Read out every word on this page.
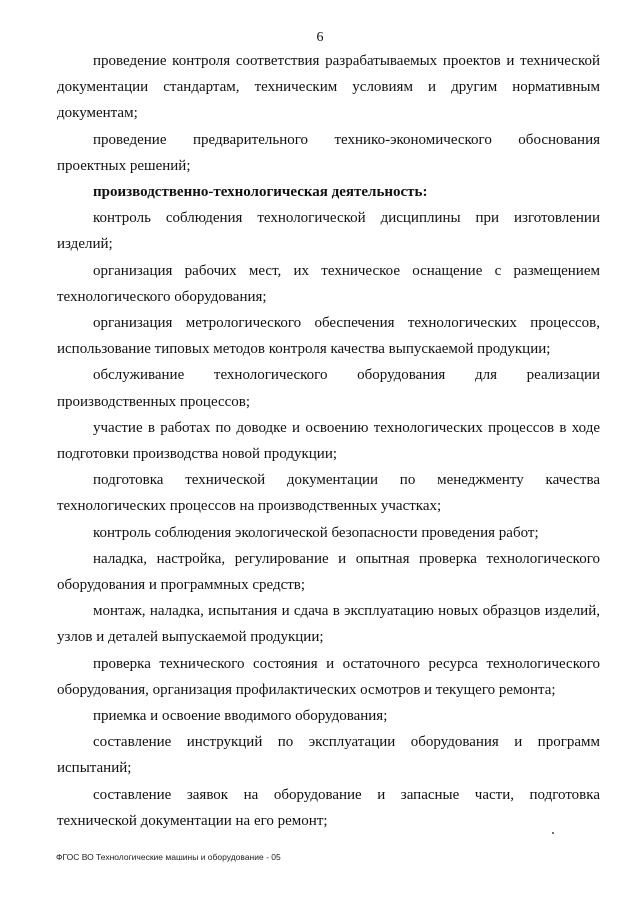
6

проведение контроля соответствия разрабатываемых проектов и технической документации стандартам, техническим условиям и другим нормативным документам;

проведение предварительного технико-экономического обоснования проектных решений;

производственно-технологическая деятельность:

контроль соблюдения технологической дисциплины при изготовлении изделий;

организация рабочих мест, их техническое оснащение с размещением технологического оборудования;

организация метрологического обеспечения технологических процессов, использование типовых методов контроля качества выпускаемой продукции;

обслуживание технологического оборудования для реализации производственных процессов;

участие в работах по доводке и освоению технологических процессов в ходе подготовки производства новой продукции;

подготовка технической документации по менеджменту качества технологических процессов на производственных участках;

контроль соблюдения экологической безопасности проведения работ;

наладка, настройка, регулирование и опытная проверка технологического оборудования и программных средств;

монтаж, наладка, испытания и сдача в эксплуатацию новых образцов изделий, узлов и деталей выпускаемой продукции;

проверка технического состояния и остаточного ресурса технологического оборудования, организация профилактических осмотров и текущего ремонта;

приемка и освоение вводимого оборудования;

составление инструкций по эксплуатации оборудования и программ испытаний;

составление заявок на оборудование и запасные части, подготовка технической документации на его ремонт;

ФГОС ВО Технологические машины и оборудование - 05
